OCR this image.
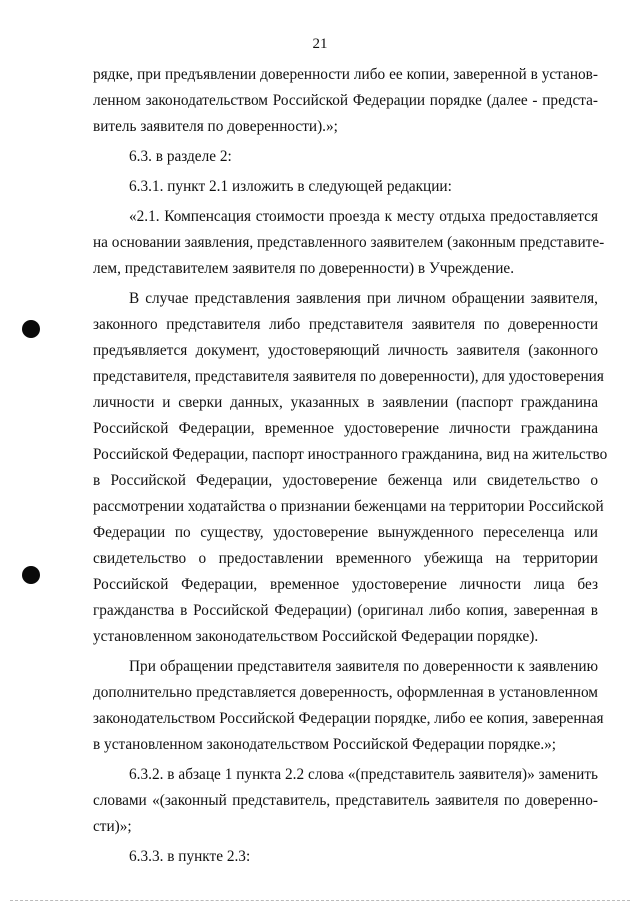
21
рядке, при предъявлении доверенности либо ее копии, заверенной в установ-
ленном законодательством Российской Федерации порядке (далее - предста-
витель заявителя по доверенности).»;
6.3. в разделе 2:
6.3.1. пункт 2.1 изложить в следующей редакции:
«2.1. Компенсация стоимости проезда к месту отдыха предоставляется
на основании заявления, представленного заявителем (законным представите-
лем, представителем заявителя по доверенности) в Учреждение.
В случае представления заявления при личном обращении заявителя,
законного представителя либо представителя заявителя по доверенности
предъявляется документ, удостоверяющий личность заявителя (законного
представителя, представителя заявителя по доверенности), для удостоверения
личности и сверки данных, указанных в заявлении (паспорт гражданина
Российской Федерации, временное удостоверение личности гражданина
Российской Федерации, паспорт иностранного гражданина, вид на жительство
в Российской Федерации, удостоверение беженца или свидетельство о
рассмотрении ходатайства о признании беженцами на территории Российской
Федерации по существу, удостоверение вынужденного переселенца или
свидетельство о предоставлении временного убежища на территории
Российской Федерации, временное удостоверение личности лица без
гражданства в Российской Федерации) (оригинал либо копия, заверенная в
установленном законодательством Российской Федерации порядке).
При обращении представителя заявителя по доверенности к заявлению
дополнительно представляется доверенность, оформленная в установленном
законодательством Российской Федерации порядке, либо ее копия, заверенная
в установленном законодательством Российской Федерации порядке.»;
6.3.2. в абзаце 1 пункта 2.2 слова «(представитель заявителя)» заменить
словами «(законный представитель, представитель заявителя по доверенно-
сти)»;
6.3.3. в пункте 2.3:
